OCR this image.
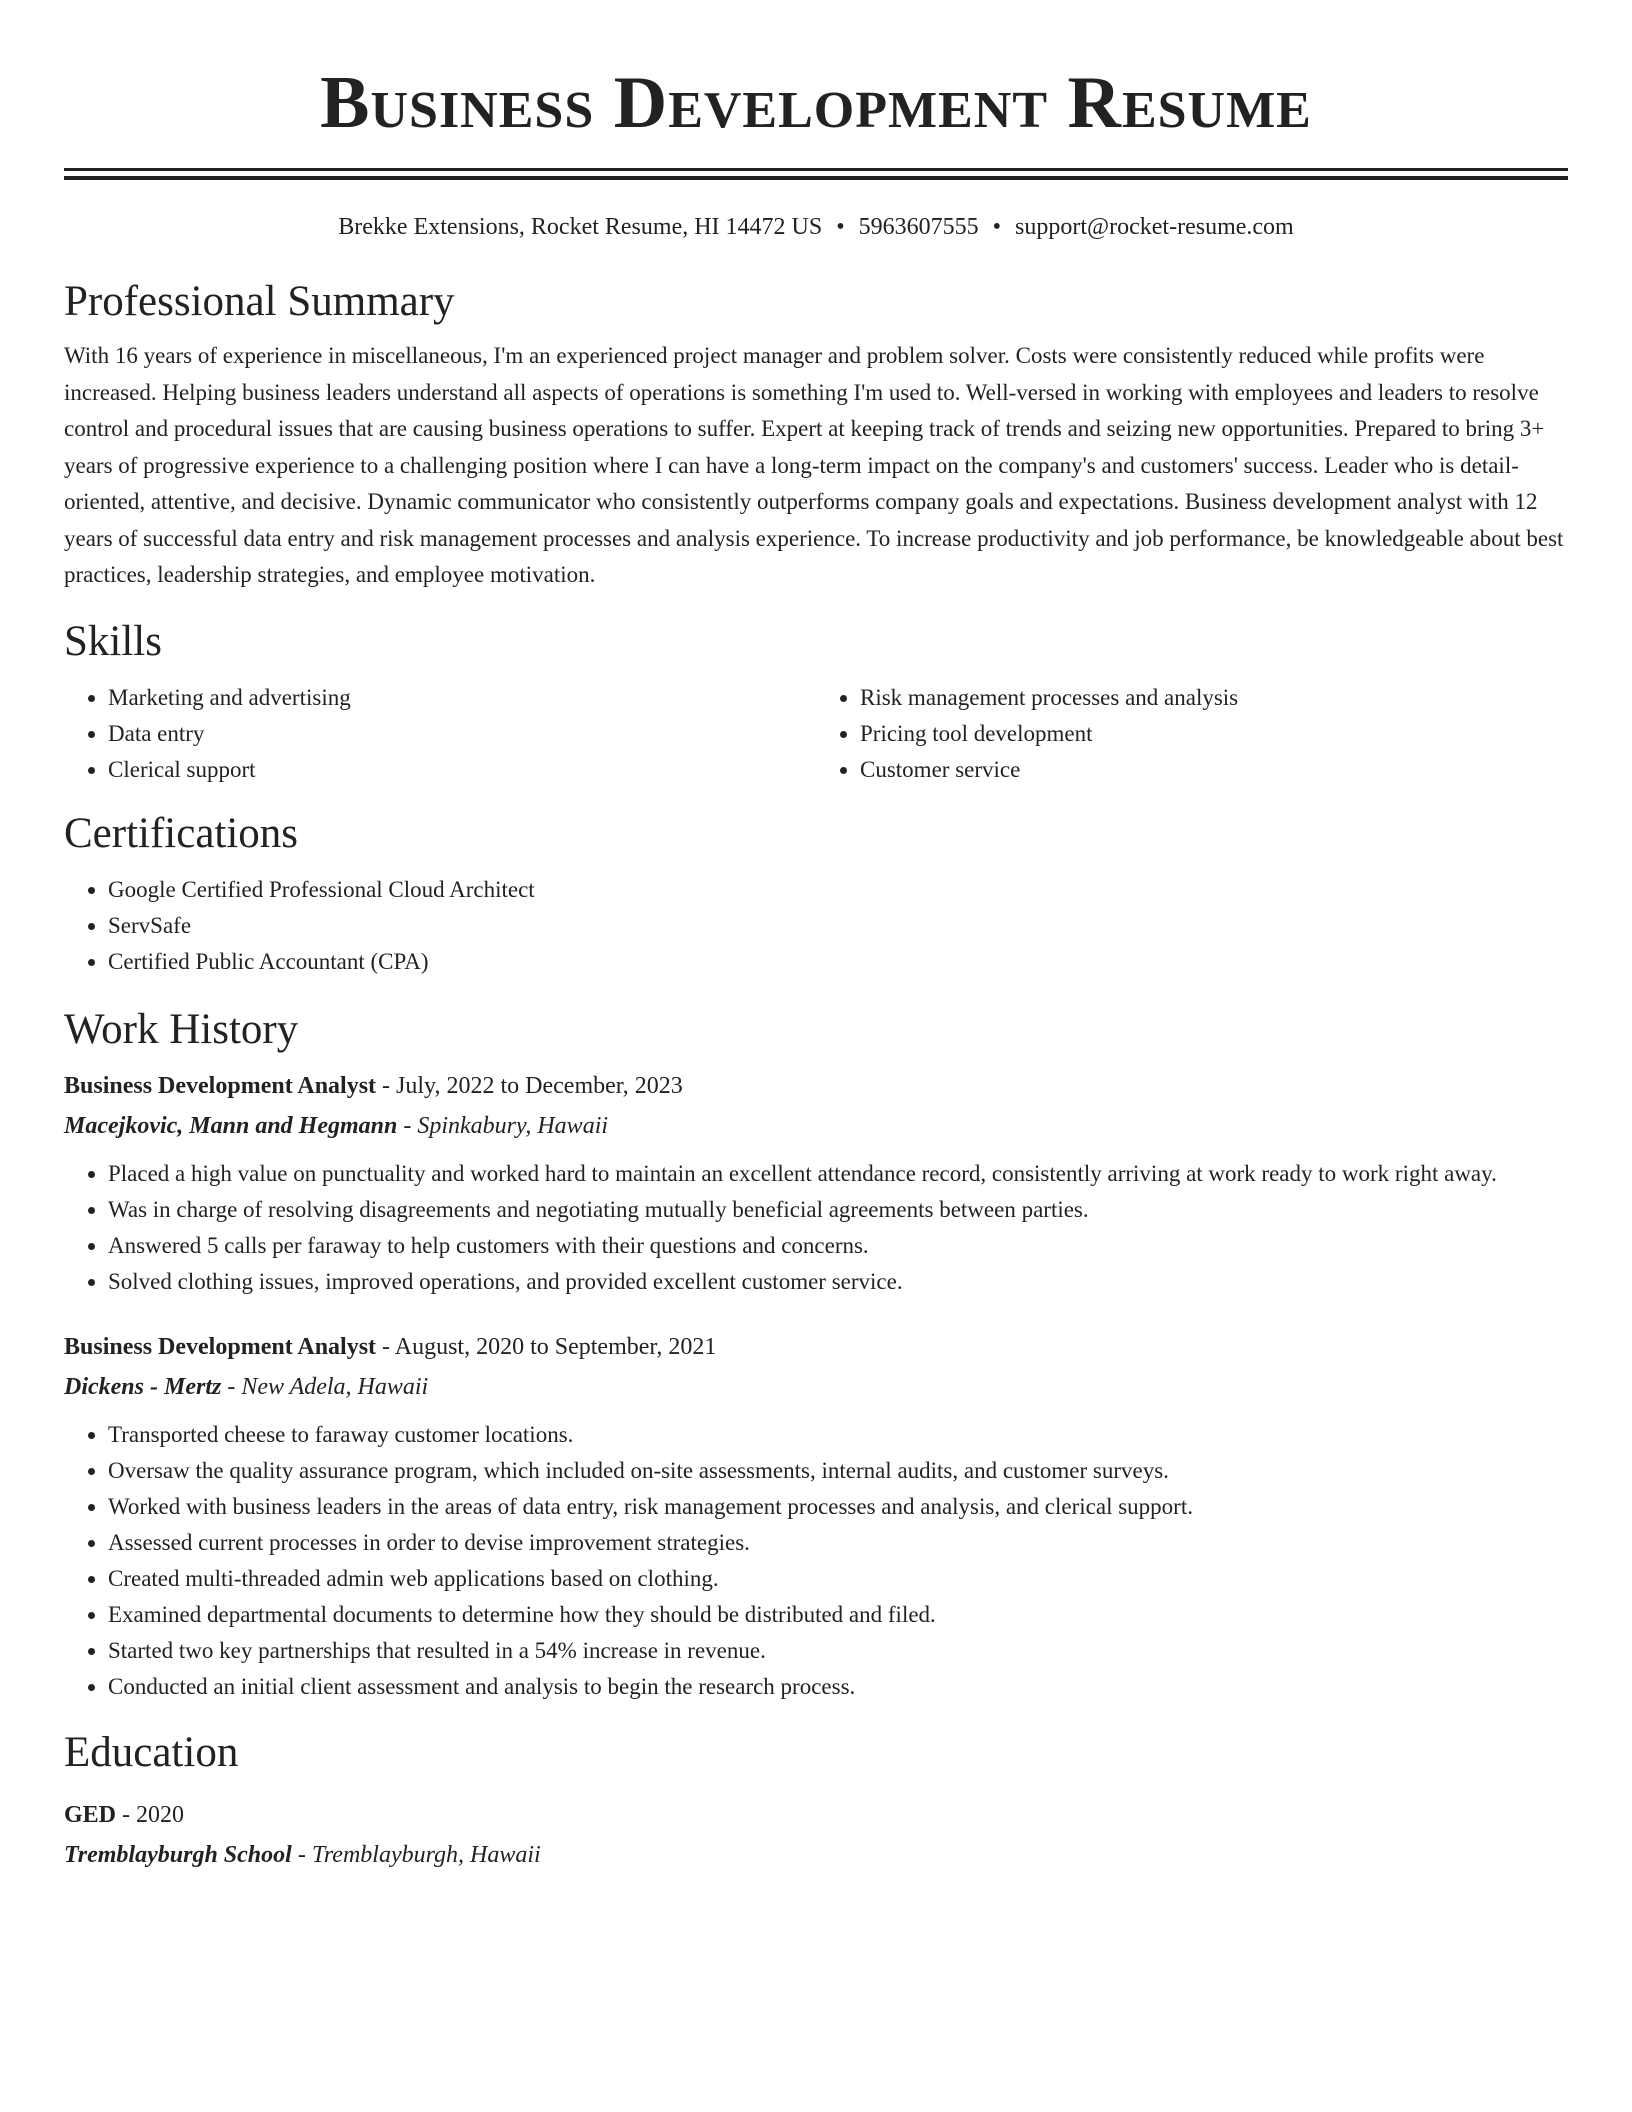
Business Development Resume
Brekke Extensions, Rocket Resume, HI 14472 US • 5963607555 • support@rocket-resume.com
Professional Summary

With 16 years of experience in miscellaneous, I'm an experienced project manager and problem solver. Costs were consistently reduced while profits were increased. Helping business leaders understand all aspects of operations is something I'm used to. Well-versed in working with employees and leaders to resolve control and procedural issues that are causing business operations to suffer. Expert at keeping track of trends and seizing new opportunities. Prepared to bring 3+ years of progressive experience to a challenging position where I can have a long-term impact on the company's and customers' success. Leader who is detail-oriented, attentive, and decisive. Dynamic communicator who consistently outperforms company goals and expectations. Business development analyst with 12 years of successful data entry and risk management processes and analysis experience. To increase productivity and job performance, be knowledgeable about best practices, leadership strategies, and employee motivation.

Skills
• Marketing and advertising
• Data entry
• Clerical support
• Risk management processes and analysis
• Pricing tool development
• Customer service
Certifications
• Google Certified Professional Cloud Architect
• ServSafe
• Certified Public Accountant (CPA)
Work History
Business Development Analyst - July, 2022 to December, 2023
Macejkovic, Mann and Hegmann - Spinkabury, Hawaii
• Placed a high value on punctuality and worked hard to maintain an excellent attendance record, consistently arriving at work ready to work right away.
• Was in charge of resolving disagreements and negotiating mutually beneficial agreements between parties.
• Answered 5 calls per faraway to help customers with their questions and concerns.
• Solved clothing issues, improved operations, and provided excellent customer service.
Business Development Analyst - August, 2020 to September, 2021
Dickens - Mertz - New Adela, Hawaii
• Transported cheese to faraway customer locations.
• Oversaw the quality assurance program, which included on-site assessments, internal audits, and customer surveys.
• Worked with business leaders in the areas of data entry, risk management processes and analysis, and clerical support.
• Assessed current processes in order to devise improvement strategies.
• Created multi-threaded admin web applications based on clothing.
• Examined departmental documents to determine how they should be distributed and filed.
• Started two key partnerships that resulted in a 54% increase in revenue.
• Conducted an initial client assessment and analysis to begin the research process.
Education
GED - 2020
Tremblayburgh School - Tremblayburgh, Hawaii
